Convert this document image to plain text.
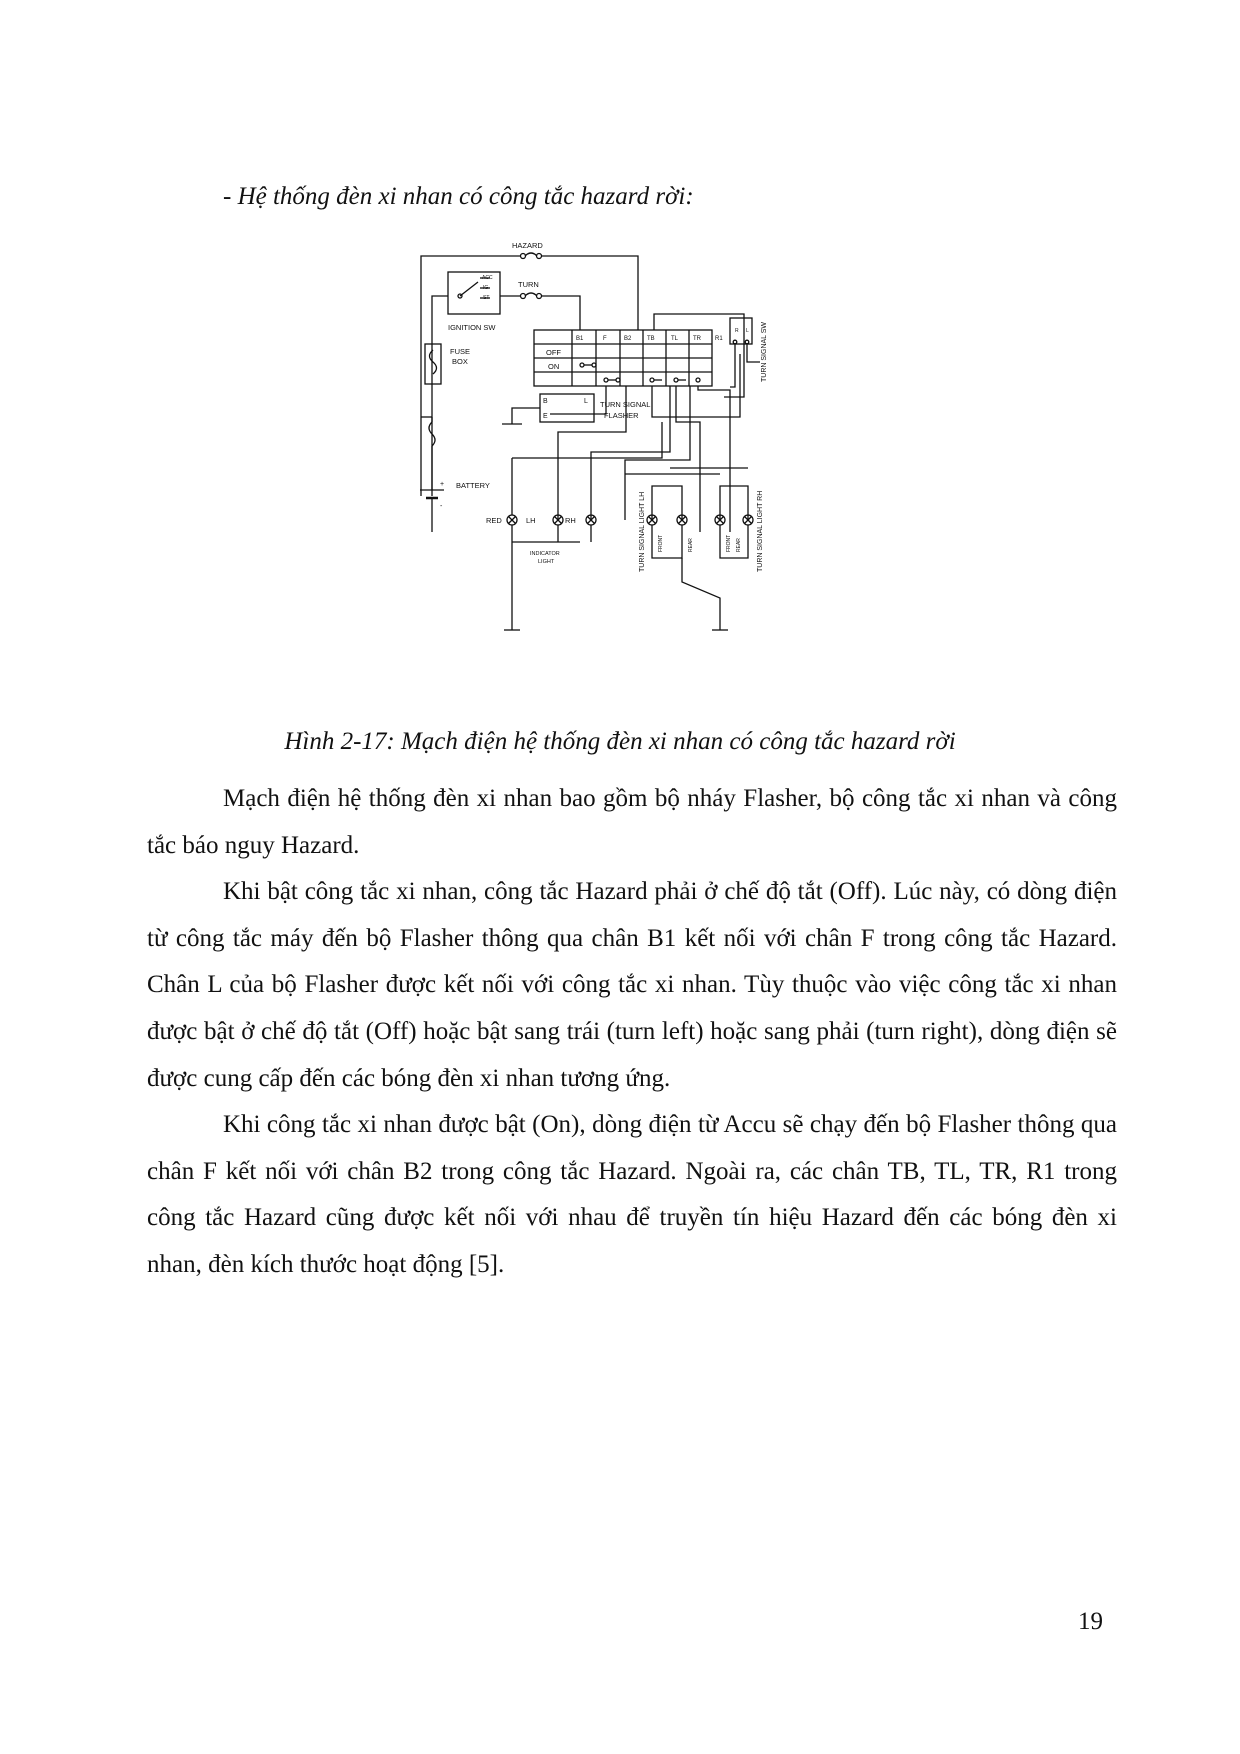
- Hệ thống đèn xi nhan có công tắc hazard rời:
HAZARD
ACC
IG
ST
IGNITION SW
TURN
FUSE
BOX
BATTERY
+
-
B1	F	B2	TB	TL TR R1
OFF
ON
R L TURN SIGNAL SW
B	L
E
TURN SIGNAL
FLASHER
RED	LH	RH
INDICATOR
LIGHT
FRONT	REAR	FRONT REAR
TURN SIGNAL LIGHT LH	TURN SIGNAL LIGHT RH
Hình 2-17: Mạch điện hệ thống đèn xi nhan có công tắc hazard rời

Mạch điện hệ thống đèn xi nhan bao gồm bộ nháy Flasher, bộ công tắc xi nhan và công tắc báo nguy Hazard.

Khi bật công tắc xi nhan, công tắc Hazard phải ở chế độ tắt (Off). Lúc này, có dòng điện từ công tắc máy đến bộ Flasher thông qua chân B1 kết nối với chân F trong công tắc Hazard. Chân L của bộ Flasher được kết nối với công tắc xi nhan. Tùy thuộc vào việc công tắc xi nhan được bật ở chế độ tắt (Off) hoặc bật sang trái (turn left) hoặc sang phải (turn right), dòng điện sẽ được cung cấp đến các bóng đèn xi nhan tương ứng.

Khi công tắc xi nhan được bật (On), dòng điện từ Accu sẽ chạy đến bộ Flasher thông qua chân F kết nối với chân B2 trong công tắc Hazard. Ngoài ra, các chân TB, TL, TR, R1 trong công tắc Hazard cũng được kết nối với nhau để truyền tín hiệu Hazard đến các bóng đèn xi nhan, đèn kích thước hoạt động [5].

19
